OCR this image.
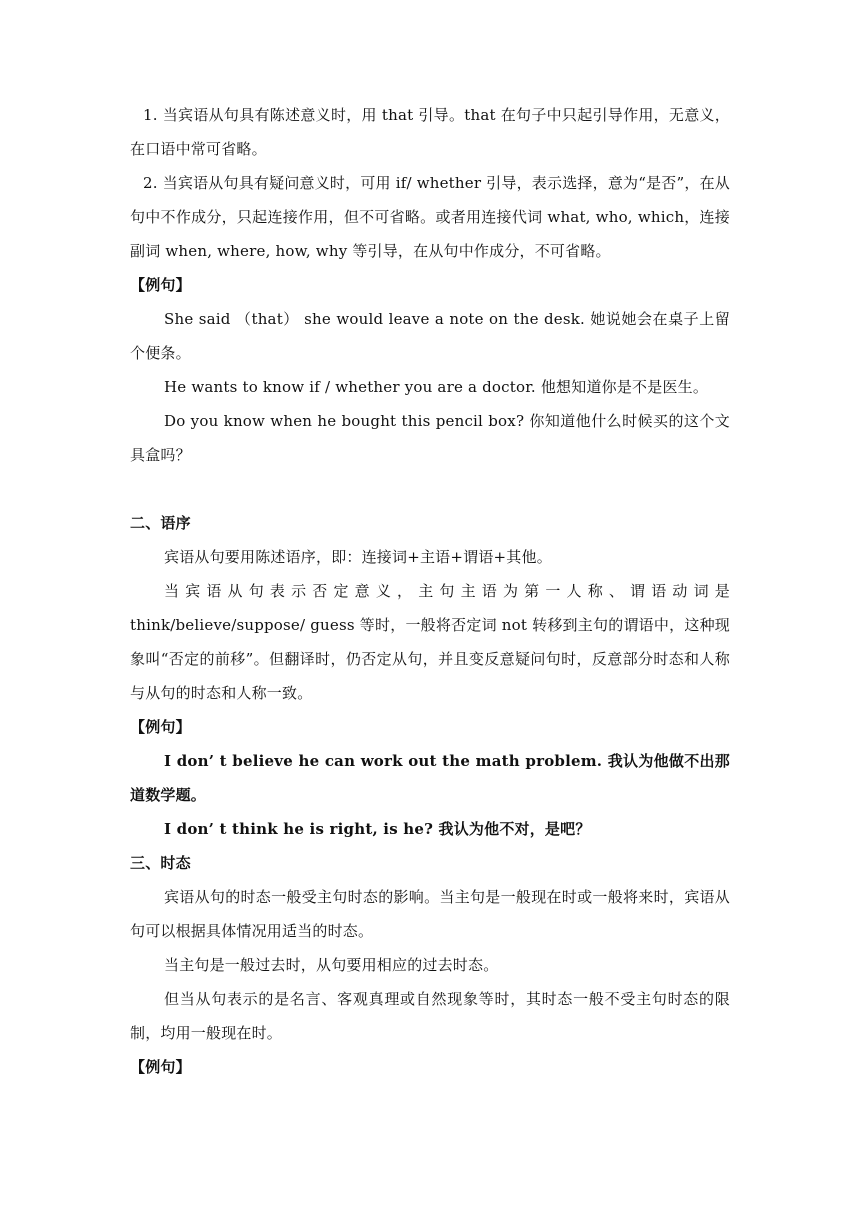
1. 当宾语从句具有陈述意义时，用 that 引导。that 在句子中只起引导作用，无意义，在口语中常可省略。

2. 当宾语从句具有疑问意义时，可用 if/ whether 引导，表示选择，意为“是否”，在从句中不作成分，只起连接作用，但不可省略。或者用连接代词 what, who, which，连接副词 when, where, how, why 等引导，在从句中作成分，不可省略。

【例句】

She said （that） she would leave a note on the desk. 她说她会在桌子上留个便条。

He wants to know if / whether you are a doctor. 他想知道你是不是医生。

Do you know when he bought this pencil box? 你知道他什么时候买的这个文具盒吗？

二、语序

宾语从句要用陈述语序，即：连接词+主语+谓语+其他。

当宾语从句表示否定意义，主句主语为第一人称、谓语动词是 think/believe/suppose/ guess 等时，一般将否定词 not 转移到主句的谓语中，这种现象叫“否定的前移”。但翻译时，仍否定从句，并且变反意疑问句时，反意部分时态和人称与从句的时态和人称一致。

【例句】

I don’ t believe he can work out the math problem. 我认为他做不出那道数学题。

I don’ t think he is right, is he? 我认为他不对，是吧？

三、时态

宾语从句的时态一般受主句时态的影响。当主句是一般现在时或一般将来时，宾语从句可以根据具体情况用适当的时态。

当主句是一般过去时，从句要用相应的过去时态。

但当从句表示的是名言、客观真理或自然现象等时，其时态一般不受主句时态的限制，均用一般现在时。

【例句】
